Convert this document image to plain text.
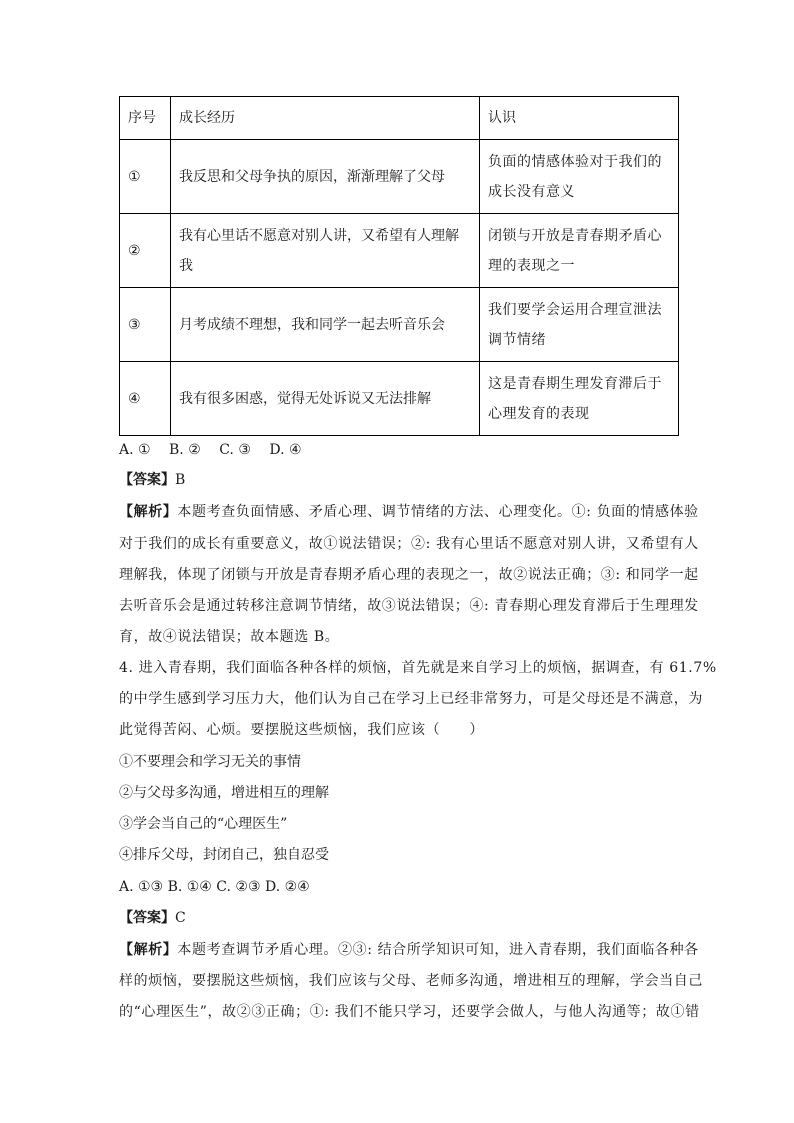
序号	成长经历	认识
①	我反思和父母争执的原因，渐渐理解了父母	负面的情感体验对于我们的
成长没有意义
②	我有心里话不愿意对别人讲，又希望有人理解我	闭锁与开放是青春期矛盾心
理的表现之一
③	月考成绩不理想，我和同学一起去听音乐会	我们要学会运用合理宣泄法
调节情绪
④	我有很多困惑，觉得无处诉说又无法排解	这是青春期生理发育滞后于
心理发育的表现
A. ① B. ② C. ③ D. ④
【答案】B
【解析】本题考查负面情感、矛盾心理、调节情绪的方法、心理变化。①: 负面的情感体验
对于我们的成长有重要意义，故①说法错误；②: 我有心里话不愿意对别人讲，又希望有人
理解我，体现了闭锁与开放是青春期矛盾心理的表现之一，故②说法正确；③: 和同学一起
去听音乐会是通过转移注意调节情绪，故③说法错误；④: 青春期心理发育滞后于生理理发
育，故④说法错误；故本题选 B。
4. 进入青春期，我们面临各种各样的烦恼，首先就是来自学习上的烦恼，据调查，有 61.7%
的中学生感到学习压力大，他们认为自己在学习上已经非常努力，可是父母还是不满意，为
此觉得苦闷、心烦。要摆脱这些烦恼，我们应该（　　）
①不要理会和学习无关的事情
②与父母多沟通，增进相互的理解
③学会当自己的“心理医生”
④排斥父母，封闭自己，独自忍受
A. ①③ B. ①④ C. ②③ D. ②④
【答案】C
【解析】本题考查调节矛盾心理。②③: 结合所学知识可知，进入青春期，我们面临各种各
样的烦恼，要摆脱这些烦恼，我们应该与父母、老师多沟通，增进相互的理解，学会当自己
的“心理医生”，故②③正确；①: 我们不能只学习，还要学会做人，与他人沟通等；故①错
